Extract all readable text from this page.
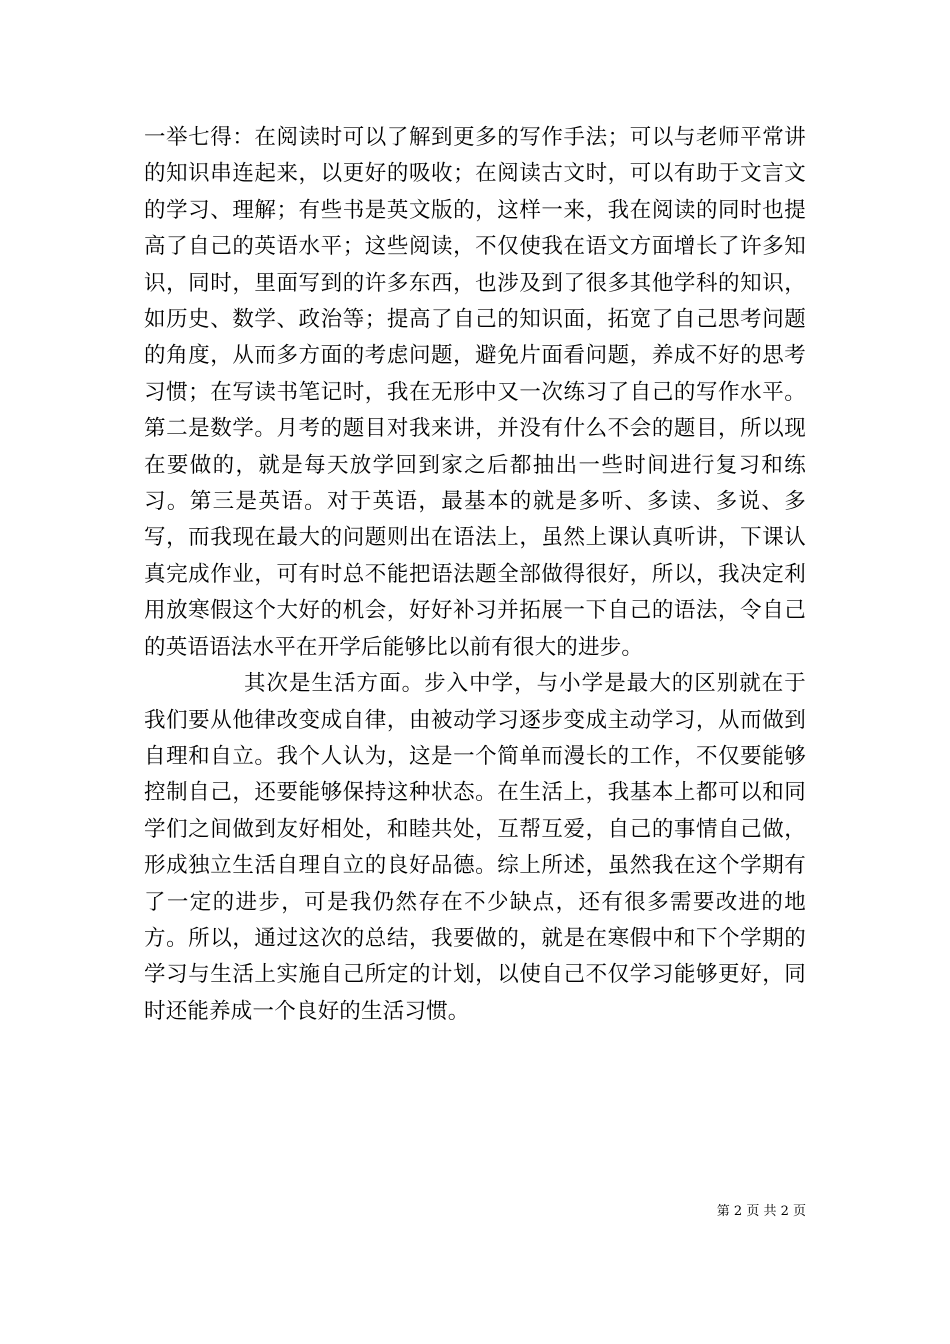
一举七得：在阅读时可以了解到更多的写作手法；可以与老师平常讲的知识串连起来，以更好的吸收；在阅读古文时，可以有助于文言文的学习、理解；有些书是英文版的，这样一来，我在阅读的同时也提高了自己的英语水平；这些阅读，不仅使我在语文方面增长了许多知识，同时，里面写到的许多东西，也涉及到了很多其他学科的知识，如历史、数学、政治等；提高了自己的知识面，拓宽了自己思考问题的角度，从而多方面的考虑问题，避免片面看问题，养成不好的思考习惯；在写读书笔记时，我在无形中又一次练习了自己的写作水平。第二是数学。月考的题目对我来讲，并没有什么不会的题目，所以现在要做的，就是每天放学回到家之后都抽出一些时间进行复习和练习。第三是英语。对于英语，最基本的就是多听、多读、多说、多写，而我现在最大的问题则出在语法上，虽然上课认真听讲，下课认真完成作业，可有时总不能把语法题全部做得很好，所以，我决定利用放寒假这个大好的机会，好好补习并拓展一下自己的语法，令自己的英语语法水平在开学后能够比以前有很大的进步。

其次是生活方面。步入中学，与小学是最大的区别就在于我们要从他律改变成自律，由被动学习逐步变成主动学习，从而做到自理和自立。我个人认为，这是一个简单而漫长的工作，不仅要能够控制自己，还要能够保持这种状态。在生活上，我基本上都可以和同学们之间做到友好相处，和睦共处，互帮互爱，自己的事情自己做，形成独立生活自理自立的良好品德。综上所述，虽然我在这个学期有了一定的进步，可是我仍然存在不少缺点，还有很多需要改进的地方。所以，通过这次的总结，我要做的，就是在寒假中和下个学期的学习与生活上实施自己所定的计划，以使自己不仅学习能够更好，同时还能养成一个良好的生活习惯。

第 2 页 共 2 页
